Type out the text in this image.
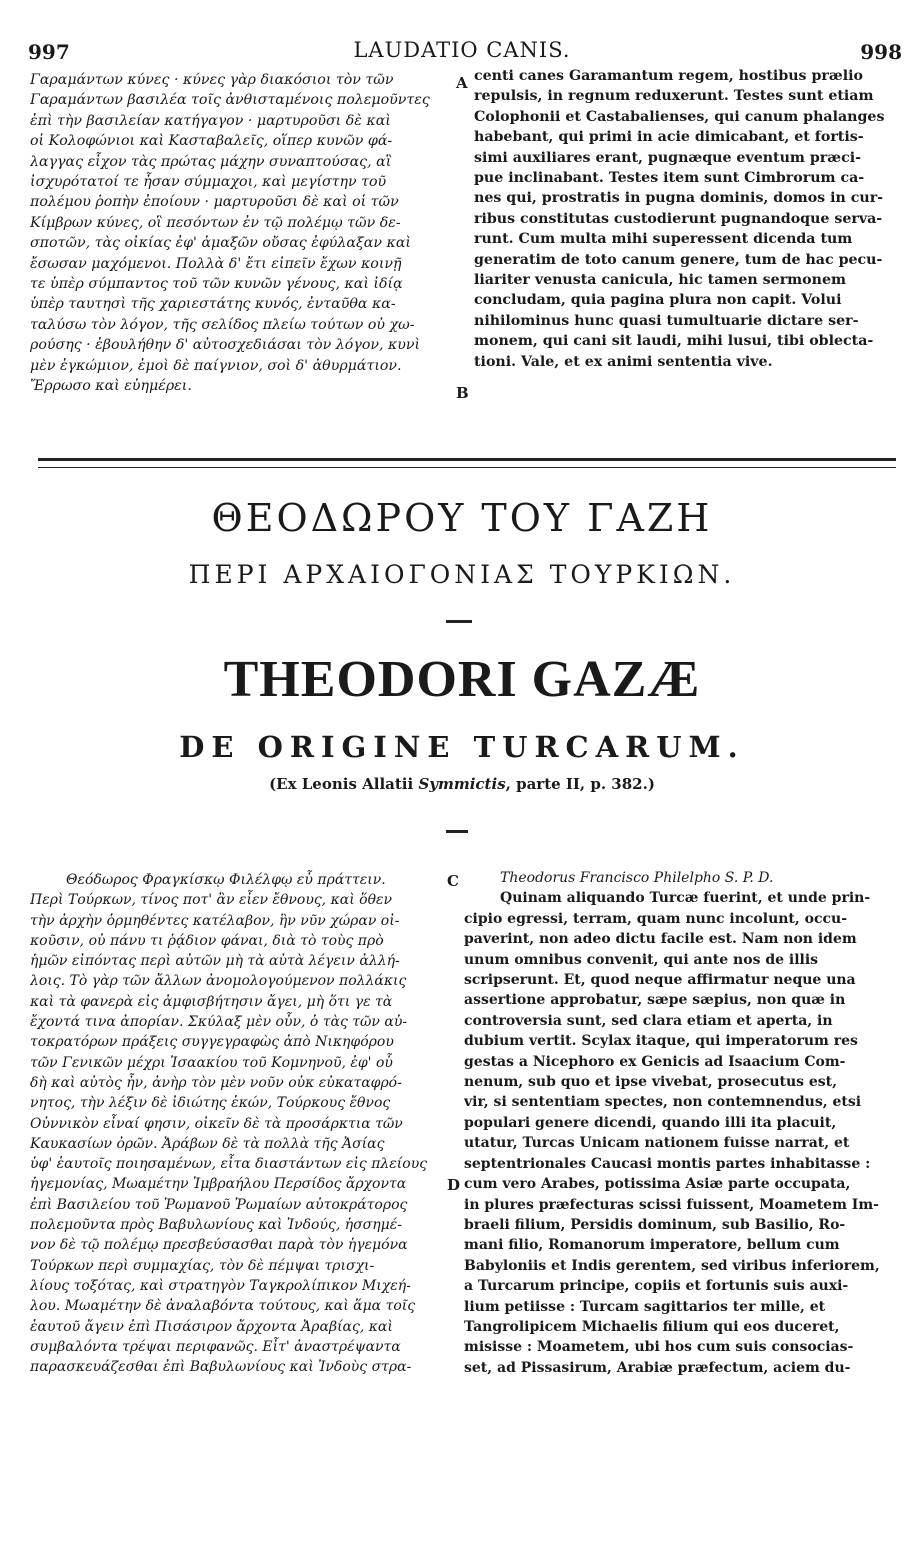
997	LAUDATIO CANIS.	998
Γαραμάντων κύνες · κύνες γὰρ διακόσιοι τὸν τῶν
Γαραμάντων βασιλέα τοῖς ἀνθισταμένοις πολεμοῦντες
ἐπὶ τὴν βασιλείαν κατήγαγον · μαρτυροῦσι δὲ καὶ
οἱ Κολοφώνιοι καὶ Κασταβαλεῖς, οἵπερ κυνῶν φά-
λαγγας εἶχον τὰς πρώτας μάχην συναπτούσας, αἳ
ἰσχυρότατοί τε ἦσαν σύμμαχοι, καὶ μεγίστην τοῦ
πολέμου ῥοπὴν ἐποίουν · μαρτυροῦσι δὲ καὶ οἱ τῶν
Κίμβρων κύνες, οἳ πεσόντων ἐν τῷ πολέμῳ τῶν δε-
σποτῶν, τὰς οἰκίας ἐφ' ἁμαξῶν οὔσας ἐφύλαξαν καὶ
ἔσωσαν μαχόμενοι. Πολλὰ δ' ἔτι εἰπεῖν ἔχων κοινῇ
τε ὑπὲρ σύμπαντος τοῦ τῶν κυνῶν γένους, καὶ ἰδίᾳ
ὑπὲρ ταυτησὶ τῆς χαριεστάτης κυνός, ἐνταῦθα κα-
ταλύσω τὸν λόγον, τῆς σελίδος πλείω τούτων οὐ χω-
ρούσης · ἐβουλήθην δ' αὐτοσχεδιάσαι τὸν λόγον, κυνὶ
μὲν ἐγκώμιον, ἐμοὶ δὲ παίγνιον, σοὶ δ' ἀθυρμάτιον.
Ἔρρωσο καὶ εὐημέρει.
A
B
centi canes Garamantum regem, hostibus prælio
repulsis, in regnum reduxerunt. Testes sunt etiam
Colophonii et Castabalienses, qui canum phalanges
habebant, qui primi in acie dimicabant, et fortis-
simi auxiliares erant, pugnæque eventum præci-
pue inclinabant. Testes item sunt Cimbrorum ca-
nes qui, prostratis in pugna dominis, domos in cur-
ribus constitutas custodierunt pugnandoque serva-
runt. Cum multa mihi superessent dicenda tum
generatim de toto canum genere, tum de hac pecu-
liariter venusta canicula, hic tamen sermonem
concludam, quia pagina plura non capit. Volui
nihilominus hunc quasi tumultuarie dictare ser-
monem, qui cani sit laudi, mihi lusui, tibi oblecta-
tioni. Vale, et ex animi sententia vive.
ΘΕΟΔΩΡΟΥ ΤΟΥ ΓΑΖΗ
ΠΕΡΙ ΑΡΧΑΙΟΓΟΝΙΑΣ ΤΟΥΡΚΙΩΝ.
THEODORI GAZÆ
DE ORIGINE TURCARUM.
(Ex Leonis Allatii Symmictis, parte II, p. 382.)
Θεόδωρος Φραγκίσκῳ Φιλέλφῳ εὖ πράττειν.
Περὶ Τούρκων, τίνος ποτ' ἂν εἶεν ἔθνους, καὶ ὅθεν
τὴν ἀρχὴν ὁρμηθέντες κατέλαβον, ἣν νῦν χώραν οἰ-
κοῦσιν, οὐ πάνυ τι ῥᾴδιον φάναι, διὰ τὸ τοὺς πρὸ
ἡμῶν εἰπόντας περὶ αὐτῶν μὴ τὰ αὐτὰ λέγειν ἀλλή-
λοις. Τὸ γὰρ τῶν ἄλλων ἀνομολογούμενον πολλάκις
καὶ τὰ φανερὰ εἰς ἀμφισβήτησιν ἄγει, μὴ ὅτι γε τὰ
ἔχοντά τινα ἀπορίαν. Σκύλαξ μὲν οὖν, ὁ τὰς τῶν αὐ-
τοκρατόρων πράξεις συγγεγραφὼς ἀπὸ Νικηφόρου
τῶν Γενικῶν μέχρι Ἰσαακίου τοῦ Κομνηνοῦ, ἐφ' οὗ
δὴ καὶ αὐτὸς ἦν, ἀνὴρ τὸν μὲν νοῦν οὐκ εὐκαταφρό-
νητος, τὴν λέξιν δὲ ἰδιώτης ἐκών, Τούρκους ἔθνος
Οὐννικὸν εἶναί φησιν, οἰκεῖν δὲ τὰ προσάρκτια τῶν
Καυκασίων ὀρῶν. Ἀράβων δὲ τὰ πολλὰ τῆς Ἀσίας
ὑφ' ἑαυτοῖς ποιησαμένων, εἶτα διαστάντων εἰς πλείους
ἡγεμονίας, Μωαμέτην Ἰμβραήλου Περσίδος ἄρχοντα
ἐπὶ Βασιλείου τοῦ Ῥωμανοῦ Ῥωμαίων αὐτοκράτορος
πολεμοῦντα πρὸς Βαβυλωνίους καὶ Ἰνδούς, ἡσσημέ-
νον δὲ τῷ πολέμῳ πρεσβεύσασθαι παρὰ τὸν ἡγεμόνα
Τούρκων περὶ συμμαχίας, τὸν δὲ πέμψαι τρισχι-
λίους τοξότας, καὶ στρατηγὸν Ταγκρολίπικον Μιχεή-
λου. Μωαμέτην δὲ ἀναλαβόντα τούτους, καὶ ἅμα τοῖς
ἑαυτοῦ ἄγειν ἐπὶ Πισάσιρον ἄρχοντα Ἀραβίας, καὶ
συμβαλόντα τρέψαι περιφανῶς. Εἶτ' ἀναστρέψαντα
παρασκευάζεσθαι ἐπὶ Βαβυλωνίους καὶ Ἰνδοὺς στρα-
C
D
Theodorus Francisco Philelpho S. P. D.
Quinam aliquando Turcæ fuerint, et unde prin-
cipio egressi, terram, quam nunc incolunt, occu-
paverint, non adeo dictu facile est. Nam non idem
unum omnibus convenit, qui ante nos de illis
scripserunt. Et, quod neque affirmatur neque una
assertione approbatur, sæpe sæpius, non quæ in
controversia sunt, sed clara etiam et aperta, in
dubium vertit. Scylax itaque, qui imperatorum res
gestas a Nicephoro ex Genicis ad Isaacium Com-
nenum, sub quo et ipse vivebat, prosecutus est,
vir, si sententiam spectes, non contemnendus, etsi
populari genere dicendi, quando illi ita placuit,
utatur, Turcas Unicam nationem fuisse narrat, et
septentrionales Caucasi montis partes inhabitasse :
cum vero Arabes, potissima Asiæ parte occupata,
in plures præfecturas scissi fuissent, Moametem Im-
braeli filium, Persidis dominum, sub Basilio, Ro-
mani filio, Romanorum imperatore, bellum cum
Babyloniis et Indis gerentem, sed viribus inferiorem,
a Turcarum principe, copiis et fortunis suis auxi-
lium petiisse : Turcam sagittarios ter mille, et
Tangrolipicem Michaelis filium qui eos duceret,
misisse : Moametem, ubi hos cum suis consocias-
set, ad Pissasirum, Arabiæ præfectum, aciem du-
